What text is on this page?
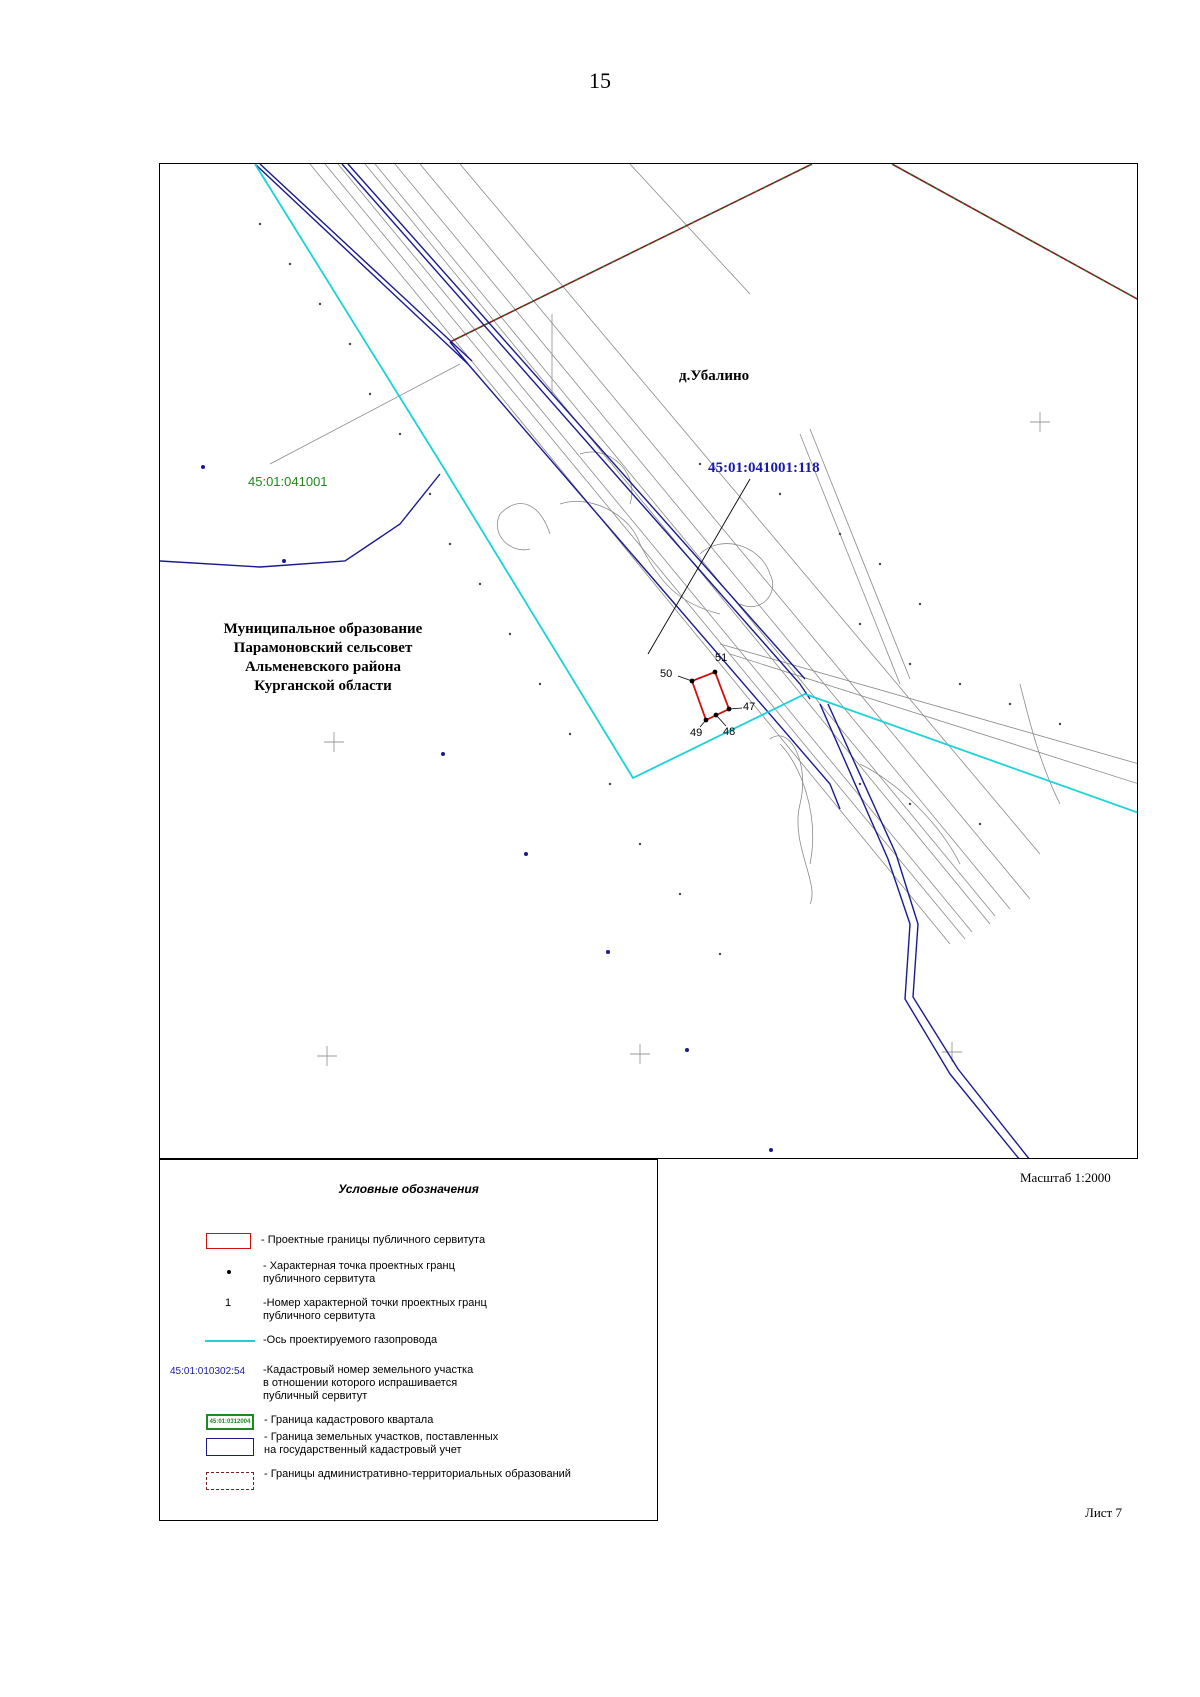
15
д.Убалино
45:01:041001:118
45:01:041001
Муниципальное образование
Парамоновский сельсовет
Альменевского района
Курганской области
51
50
47
49 48
Масштаб 1:2000
Условные обозначения
- Проектные границы публичного сервитута
- Характерная точка проектных гранц
публичного сервитута
1	-Номер характерной точки проектных гранц
публичного сервитута
-Ось проектируемого газопровода
45:01:010302:54 -Кадастровый номер земельного участка
в отношении которого испрашивается
публичный сервитут
45:01:0312004 - Граница кадастрового квартала
- Граница земельных участков, поставленных
на государственный кадастровый учет
- Границы административно-территориальных образований
Лист 7
